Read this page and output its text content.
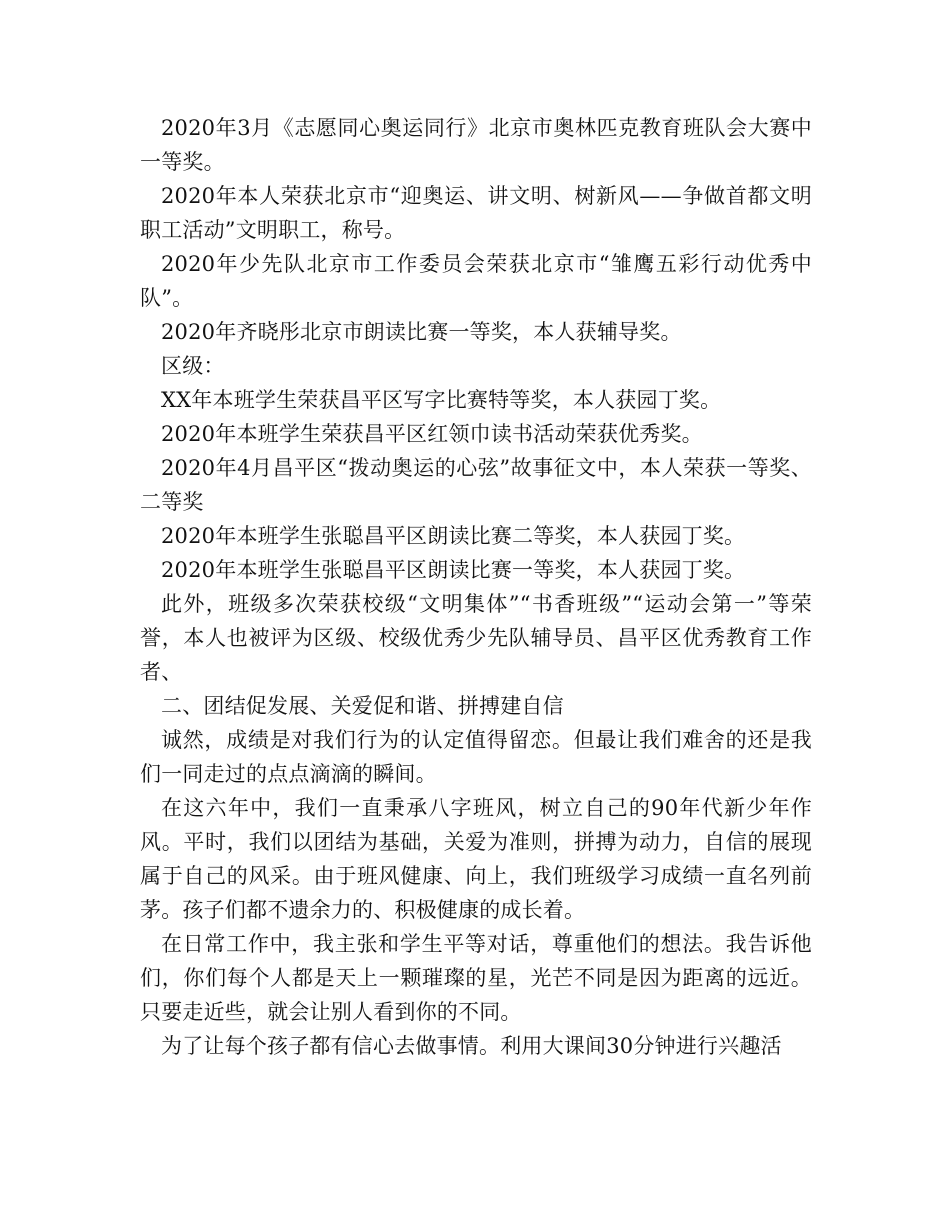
2020年3月《志愿同心奥运同行》北京市奥林匹克教育班队会大赛中一等奖。

2020年本人荣获北京市“迎奥运、讲文明、树新风——争做首都文明职工活动”文明职工，称号。

2020年少先队北京市工作委员会荣获北京市“雏鹰五彩行动优秀中队”。

2020年齐晓彤北京市朗读比赛一等奖，本人获辅导奖。

区级：

XX年本班学生荣获昌平区写字比赛特等奖，本人获园丁奖。

2020年本班学生荣获昌平区红领巾读书活动荣获优秀奖。

2020年4月昌平区“拨动奥运的心弦”故事征文中，本人荣获一等奖、二等奖

2020年本班学生张聪昌平区朗读比赛二等奖，本人获园丁奖。

2020年本班学生张聪昌平区朗读比赛一等奖，本人获园丁奖。

此外，班级多次荣获校级“文明集体”“书香班级”“运动会第一”等荣誉，本人也被评为区级、校级优秀少先队辅导员、昌平区优秀教育工作者、

二、团结促发展、关爱促和谐、拼搏建自信

诚然，成绩是对我们行为的认定值得留恋。但最让我们难舍的还是我们一同走过的点点滴滴的瞬间。

在这六年中，我们一直秉承八字班风，树立自己的90年代新少年作风。平时，我们以团结为基础，关爱为准则，拼搏为动力，自信的展现属于自己的风采。由于班风健康、向上，我们班级学习成绩一直名列前茅。孩子们都不遗余力的、积极健康的成长着。

在日常工作中，我主张和学生平等对话，尊重他们的想法。我告诉他们，你们每个人都是天上一颗璀璨的星，光芒不同是因为距离的远近。只要走近些，就会让别人看到你的不同。

为了让每个孩子都有信心去做事情。利用大课间30分钟进行兴趣活
